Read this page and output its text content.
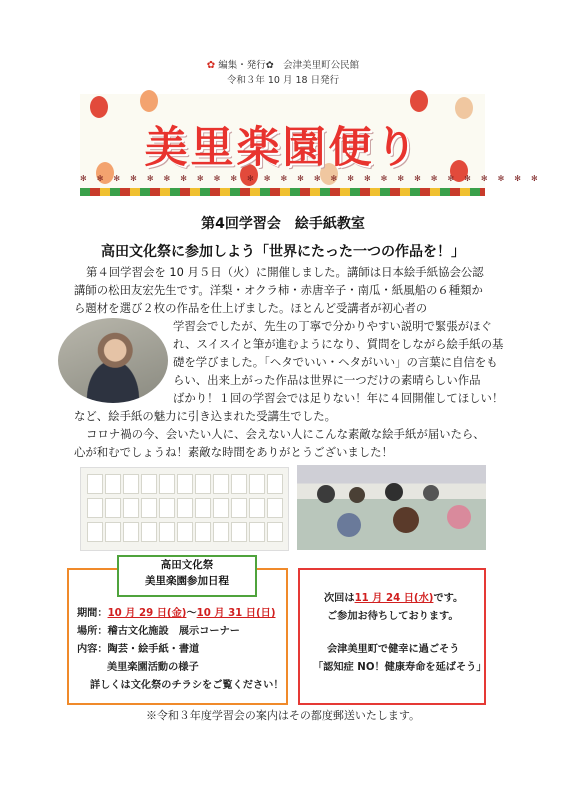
✿ 編集・発行✿　会津美里町公民館
令和３年 10 月 18 日発行
美里楽園便り
✻✻✻✻✻✻✻✻✻✻✻✻✻✻✻✻✻✻✻✻✻✻✻✻✻✻✻✻
第4回学習会　絵手紙教室
高田文化祭に参加しよう「世界にたった一つの作品を！」
第４回学習会を 10 月５日（火）に開催しました。講師は日本絵手紙協会公認
講師の松田友宏先生です。洋梨・オクラ柿・赤唐辛子・南瓜・紙風船の６種類か
ら題材を選び２枚の作品を仕上げました。ほとんど受講者が初心者の
学習会でしたが、先生の丁寧で分かりやすい説明で緊張がほぐ
れ、スイスイと筆が進むようになり、質問をしながら絵手紙の基
礎を学びました。「ヘタでいい・ヘタがいい」の言葉に自信をも
らい、出来上がった作品は世界に一つだけの素晴らしい作品
ばかり！１回の学習会では足りない！年に４回開催してほしい！
など、絵手紙の魅力に引き込まれた受講生でした。
コロナ禍の今、会いたい人に、会えない人にこんな素敵な絵手紙が届いたら、
心が和むでしょうね！素敵な時間をありがとうございました！
高田文化祭
美里楽園参加日程
期間：10 月 29 日(金)～10 月 31 日(日)
場所：稽古文化施設　展示コーナー
内容：陶芸・絵手紙・書道
美里楽園活動の様子
詳しくは文化祭のチラシをご覧ください！
次回は11 月 24 日(水)です。
ご参加お待ちしております。
会津美里町で健幸に過ごそう
「認知症 NO！健康寿命を延ばそう」
※令和３年度学習会の案内はその都度郵送いたします。
